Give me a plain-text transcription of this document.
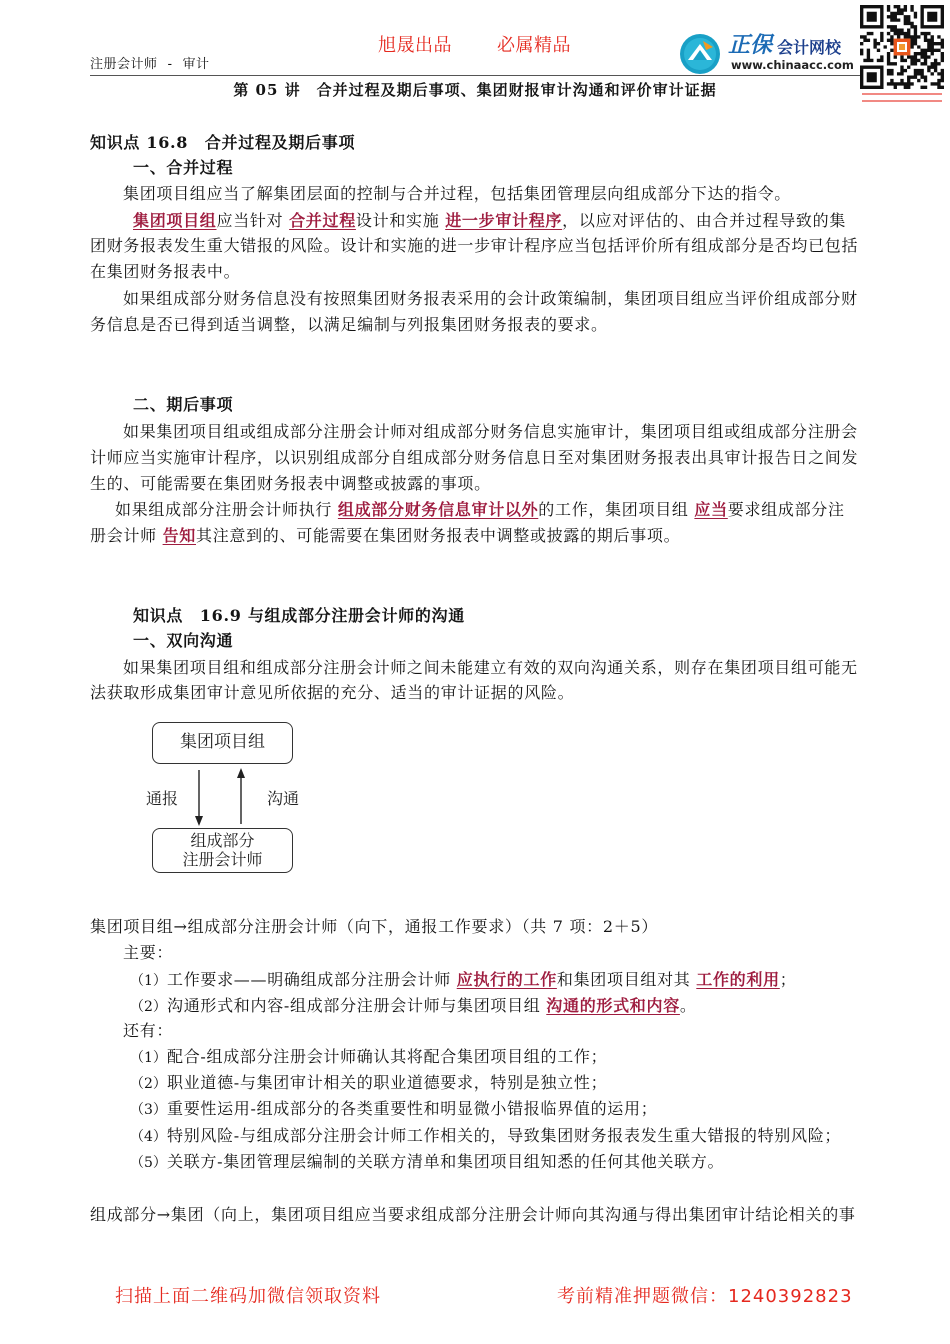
旭晟出品	必属精品
注册会计师 - 审计
正保 会计网校
www.chinaacc.com
第 05 讲　合并过程及期后事项、集团财报审计沟通和评价审计证据
知识点 16.8　合并过程及期后事项
一、合并过程
集团项目组应当了解集团层面的控制与合并过程，包括集团管理层向组成部分下达的指令。
集团项目组应当针对 合并过程设计和实施 进一步审计程序，以应对评估的、由合并过程导致的集
团财务报表发生重大错报的风险。设计和实施的进一步审计程序应当包括评价所有组成部分是否均已包括
在集团财务报表中。
如果组成部分财务信息没有按照集团财务报表采用的会计政策编制，集团项目组应当评价组成部分财
务信息是否已得到适当调整，以满足编制与列报集团财务报表的要求。
二、期后事项
如果集团项目组或组成部分注册会计师对组成部分财务信息实施审计，集团项目组或组成部分注册会
计师应当实施审计程序，以识别组成部分自组成部分财务信息日至对集团财务报表出具审计报告日之间发
生的、可能需要在集团财务报表中调整或披露的事项。
如果组成部分注册会计师执行 组成部分财务信息审计以外的工作，集团项目组 应当要求组成部分注
册会计师 告知其注意到的、可能需要在集团财务报表中调整或披露的期后事项。
知识点　16.9 与组成部分注册会计师的沟通
一、双向沟通
如果集团项目组和组成部分注册会计师之间未能建立有效的双向沟通关系，则存在集团项目组可能无
法获取形成集团审计意见所依据的充分、适当的审计证据的风险。
集团项目组
组成部分
注册会计师
通报	沟通
集团项目组→组成部分注册会计师（向下，通报工作要求）（共 7 项：2＋5）
主要：
（1）工作要求——明确组成部分注册会计师 应执行的工作和集团项目组对其 工作的利用；
（2）沟通形式和内容-组成部分注册会计师与集团项目组 沟通的形式和内容。
还有：
（1）配合-组成部分注册会计师确认其将配合集团项目组的工作；
（2）职业道德-与集团审计相关的职业道德要求，特别是独立性；
（3）重要性运用-组成部分的各类重要性和明显微小错报临界值的运用；
（4）特别风险-与组成部分注册会计师工作相关的，导致集团财务报表发生重大错报的特别风险；
（5）关联方-集团管理层编制的关联方清单和集团项目组知悉的任何其他关联方。
组成部分→集团（向上，集团项目组应当要求组成部分注册会计师向其沟通与得出集团审计结论相关的事
扫描上面二维码加微信领取资料	考前精准押题微信：1240392823
